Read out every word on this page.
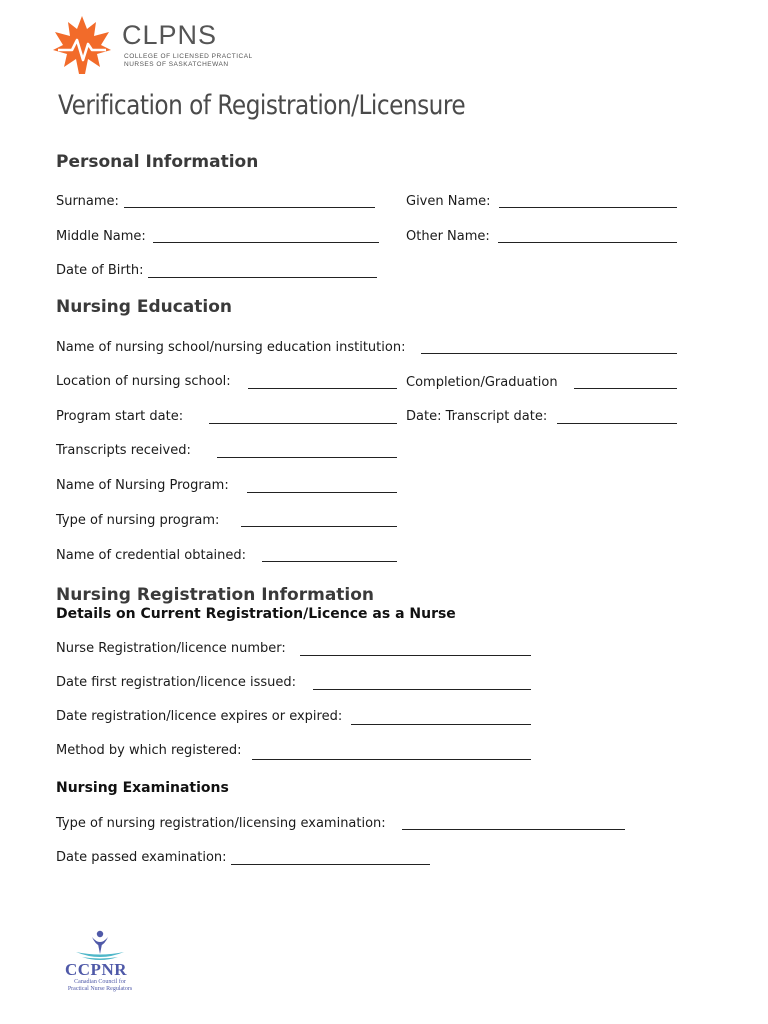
CLPNS
COLLEGE OF LICENSED PRACTICAL
NURSES OF SASKATCHEWAN
Verification of Registration/Licensure
Personal Information
Surname:	Given Name:
Middle Name:	Other Name:
Date of Birth:
Nursing Education
Name of nursing school/nursing education institution:
Location of nursing school:	Completion/Graduation
Program start date:	Date: Transcript date:
Transcripts received:
Name of Nursing Program:
Type of nursing program:
Name of credential obtained:
Nursing Registration Information
Details on Current Registration/Licence as a Nurse
Nurse Registration/licence number:
Date first registration/licence issued:
Date registration/licence expires or expired:
Method by which registered:
Nursing Examinations
Type of nursing registration/licensing examination:
Date passed examination:
CCPNR
Canadian Council for
Practical Nurse Regulators
